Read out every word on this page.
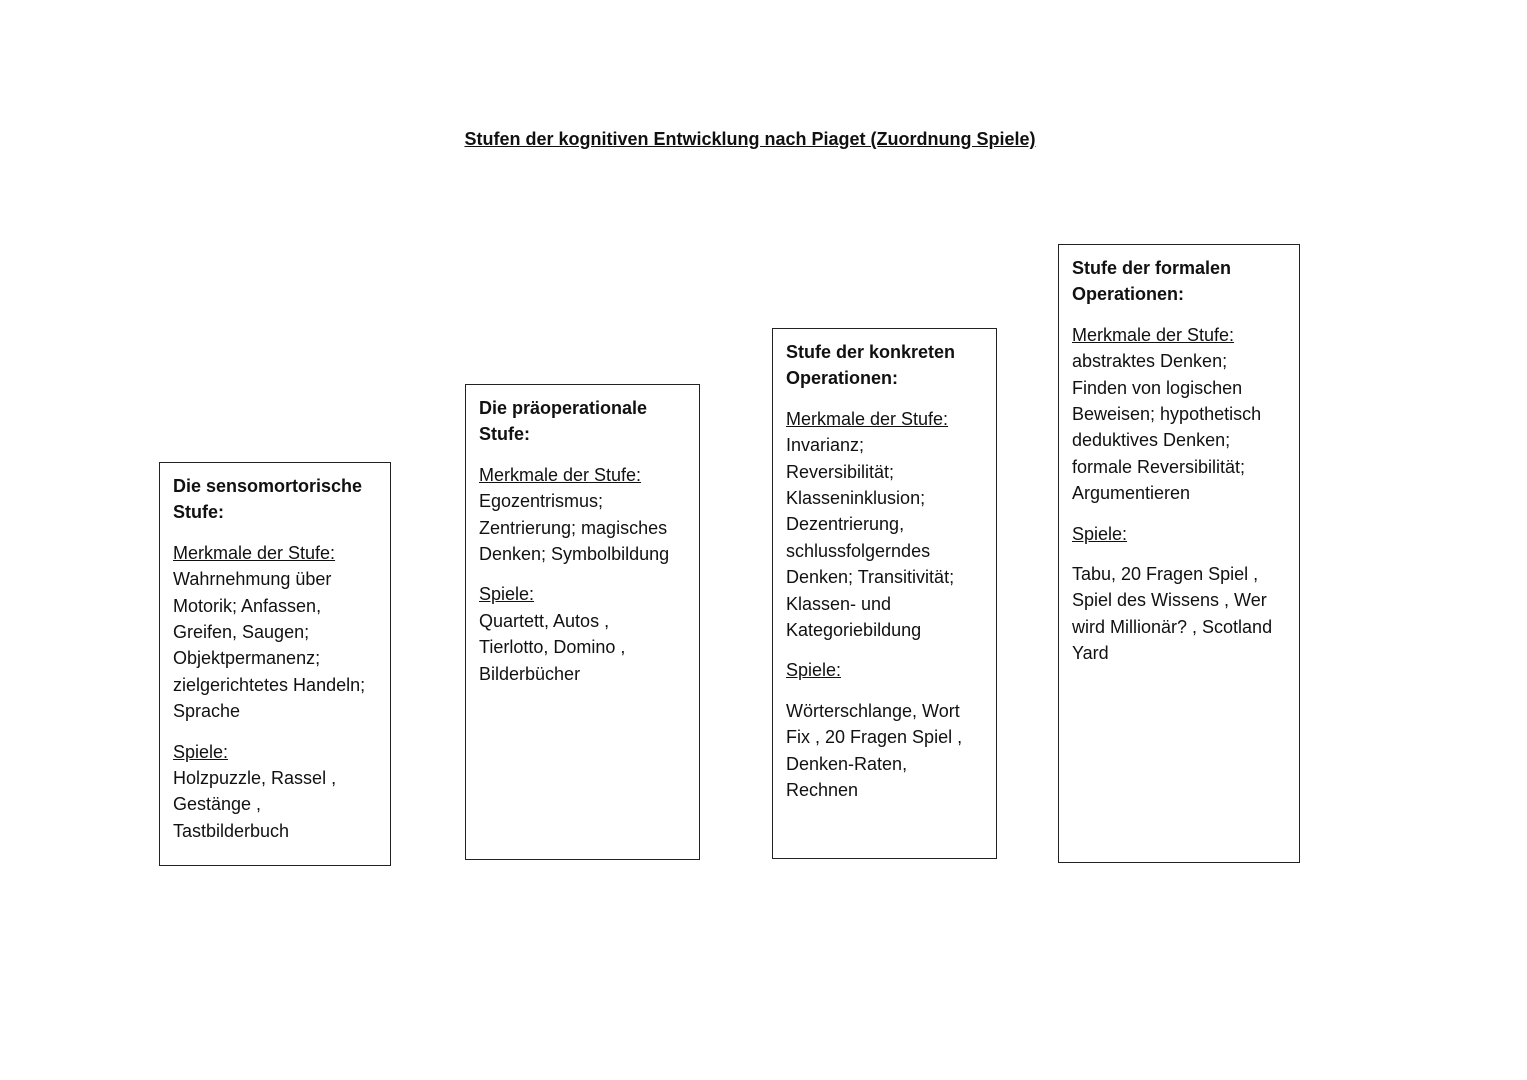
Stufen der kognitiven Entwicklung nach Piaget (Zuordnung Spiele)
Die sensomortorische
Stufe:
Merkmale der Stufe:
Wahrnehmung über
Motorik; Anfassen,
Greifen, Saugen;
Objektpermanenz;
zielgerichtetes Handeln;
Sprache
Spiele:
Holzpuzzle, Rassel ,
Gestänge ,
Tastbilderbuch
Die präoperationale
Stufe:
Merkmale der Stufe:
Egozentrismus;
Zentrierung; magisches
Denken; Symbolbildung
Spiele:
Quartett, Autos ,
Tierlotto, Domino ,
Bilderbücher
Stufe der konkreten
Operationen:
Merkmale der Stufe:
Invarianz;
Reversibilität;
Klasseninklusion;
Dezentrierung,
schlussfolgerndes
Denken; Transitivität;
Klassen- und
Kategoriebildung
Spiele:
Wörterschlange, Wort
Fix , 20 Fragen Spiel ,
Denken-Raten,
Rechnen
Stufe der formalen
Operationen:
Merkmale der Stufe:
abstraktes Denken;
Finden von logischen
Beweisen; hypothetisch
deduktives Denken;
formale Reversibilität;
Argumentieren
Spiele:
Tabu, 20 Fragen Spiel ,
Spiel des Wissens , Wer
wird Millionär? , Scotland
Yard
